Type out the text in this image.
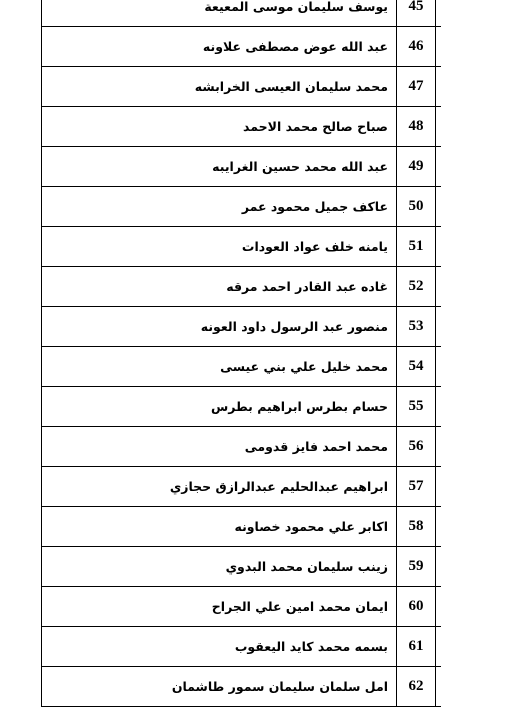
يوسف سليمان موسى المعيعة	45	
عبد الله عوض مصطفى علاونه	46	
محمد سليمان العيسى الخرابشه	47	
صباح صالح محمد الاحمد	48	
عبد الله محمد حسين الغرايبه	49	
عاكف جميل محمود عمر	50	
يامنه خلف عواد العودات	51	
غاده عبد القادر احمد مرقه	52	
منصور عبد الرسول داود العونه	53	
محمد خليل علي بني عيسى	54	
حسام بطرس ابراهيم بطرس	55	
محمد احمد فايز قدومى	56	
ابراهيم عبدالحليم عبدالرازق حجازي	57	
اكابر علي محمود خصاونه	58	
زينب سليمان محمد البدوي	59	
ايمان محمد امين علي الجراح	60	
بسمه محمد كايد اليعقوب	61	
امل سلمان سليمان سمور طاشمان	62	
